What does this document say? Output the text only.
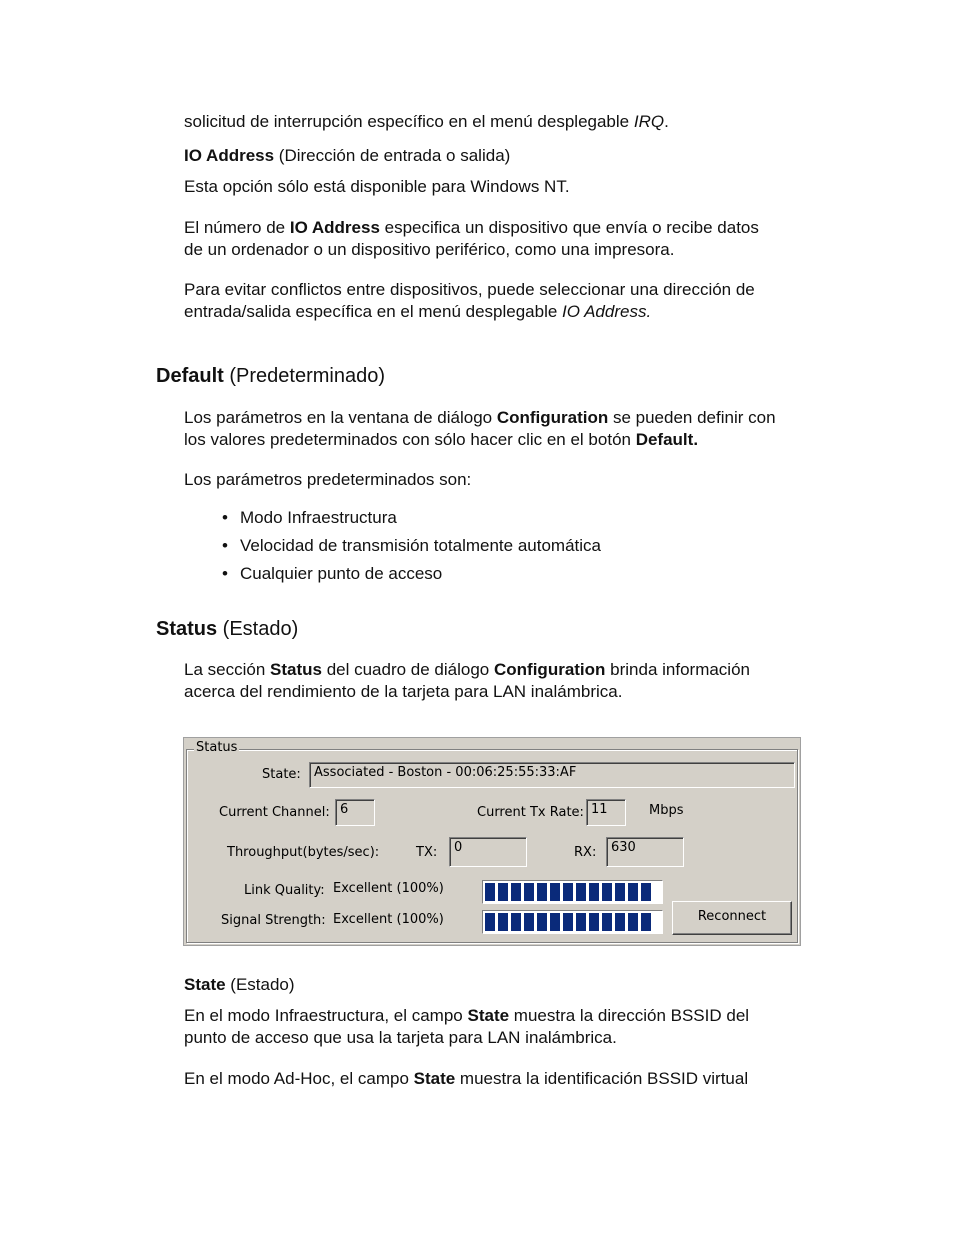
solicitud de interrupción específico en el menú desplegable IRQ.

IO Address (Dirección de entrada o salida)

Esta opción sólo está disponible para Windows NT.

El número de IO Address especifica un dispositivo que envía o recibe datos
de un ordenador o un dispositivo periférico, como una impresora.

Para evitar conflictos entre dispositivos, puede seleccionar una dirección de
entrada/salida específica en el menú desplegable IO Address.

Default (Predeterminado)

Los parámetros en la ventana de diálogo Configuration se pueden definir con
los valores predeterminados con sólo hacer clic en el botón Default.

Los parámetros predeterminados son:

• Modo Infraestructura
• Velocidad de transmisión totalmente automática
• Cualquier punto de acceso
Status (Estado)

La sección Status del cuadro de diálogo Configuration brinda información
acerca del rendimiento de la tarjeta para LAN inalámbrica.

Status
State:	Associated - Boston - 00:06:25:55:33:AF
Current Channel: 6	Current Tx Rate: 11	Mbps
Throughput(bytes/sec):	TX:	0	RX:	630
Link Quality: Excellent (100%)
Signal Strength: Excellent (100%)	Reconnect

State (Estado)

En el modo Infraestructura, el campo State muestra la dirección BSSID del
punto de acceso que usa la tarjeta para LAN inalámbrica.

En el modo Ad-Hoc, el campo State muestra la identificación BSSID virtual
